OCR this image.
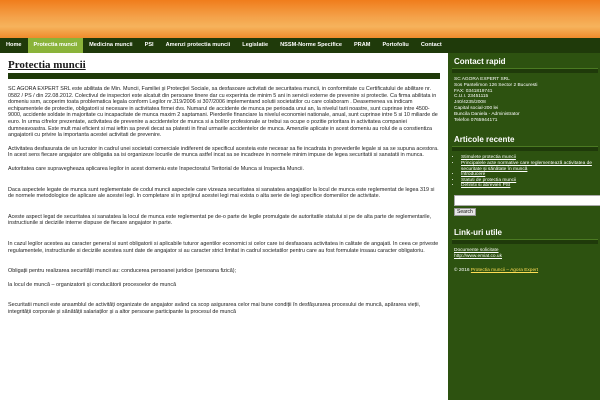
Home	Protectia muncii	Medicina muncii	PSI	Amenzi protectia muncii	Legislatie	NSSM-Norme Specifice	PRAM	Portofoliu	Contact
Protectia muncii

SC AGORA EXPERT SRL este abilitata de Min. Muncii, Familiei și Protecției Sociale, sa desfasoare activitati de securitatea muncii, in conformitate cu Certificatului de abilitare nr. 0582 / PS / din 22.08.2012. Colectivul de inspectori este alcatuit din persoane tinere dar cu experinta de minim 5 ani in servicii externe de prevenire si protectie. Ca firma abilitata in domeniu ssm, acoperim toata problematica legala conform Legilor nr.319/2006 si 307/2006 implementand solutii societatilor cu care colaboram . Deasemenea va indicam echipamentele de protectie, obligatorii si necesare in activitatea firmei dvs. Numarul de accidente de munca pe perioada unui an, la nivelul tarii noastre, sunt cuprinse intre 4500-9000, accidente soldate in majoritate cu incapacitate de munca maxim 2 saptamani. Pierderile financiare la nivelul economiei nationale, anual, sunt cuprinse intre 5 si 10 miliarde de euro. In urma cifrelor prezentate, activitatea de prevenire a accidentelor de munca si a bolilor profesionale ar trebui sa ocupe o pozitie prioritara in activitatea companiei dumneavoastra. Este mult mai eficient si mai ieftin sa previi decat sa platesti in final urmarile accidentelor de munca. Amenzile aplicate in acest domeniu au rolul de a constientiza angajatorii cu privire la importanta acestei activitati de prevenire.

Activitatea desfasurata de un lucrator in cadrul unei societati comerciale indiferent de specificul acesteia este necesar sa fie incadrata in prevederile legale si sa se supuna acestora. In acest sens fiecare angajator are obligatia sa isi organizeze locurile de munca astfel incat sa se incadreze in normele minim impuse de legea securitatii si sanatatii in munca.

Autoritatea care supravegheaza aplicarea legilor in acest domeniu este Inspectoratul Teritorial de Munca si Inspectia Muncii.

Daca aspectele legate de munca sunt reglementate de codul muncii aspectele care vizeaza securitatea si sanatatea angajatilor la locul de munca este reglementat de legea 319 si de normele metodologice de aplicare ale acestei legi. In completare si in sprijinul acestei legi mai exista o alta serie de legi specifice domeniilor de activitate.

Aceste aspect legat de securitatea si sanatatea la locul de munca este reglementat pe de-o parte de legile promulgate de autoritatile statului si pe de alta parte de reglementarile, instructiunile si deciziile interne dispuse de fiecare angajator in parte.

In cazul legilor acestea au caracter general si sunt obligatorii si aplicabile tuturor agentilor economici si celor care isi desfasoara activitatea in calitate de angajati. In ceea ce priveste regulamentele, instructiunile si deciziile acestea sunt date de angajator si au caracter strict limitat in cadrul societatilor pentru care au fost formulate insaau caracter obligatoriu.

Obligații pentru realizarea securității muncii au: conducerea persoanei juridice (persoana fizică);

la locul de muncă – organizatorii și conducătorii procesoelor de muncă

Securitatii muncii este ansamblul de activități organizate de angajator având ca scop asigurarea celor mai bune condiții în desfășurarea procesului de muncă, apărarea vieții, integrității corporale și sănătății salariaților și a altor persoane participante la procesul de muncă

Contact rapid
SC AGORA EXPERT SRL
Sos Pantelimon 126 Sector 2 Bucuresti
FAX: 0341819741
C.U.I. 23451115
J40/4235/2008
Capital social-200 lei
Buncila Daniela - Administrator
Telefon 0765944171
Articole recente
• Stimulete protectia muncii
• Principalele acte normative care reglementează activitatea de securitate și sănătate în muncă
• Introducere
• Statuti de protectia muncii
• Definitii si abrevieri PSI
Search
Link-uri utile
Documente solicitate
http://www.emiat.co.uk
© 2016 Protectia muncii – Agora Expert
